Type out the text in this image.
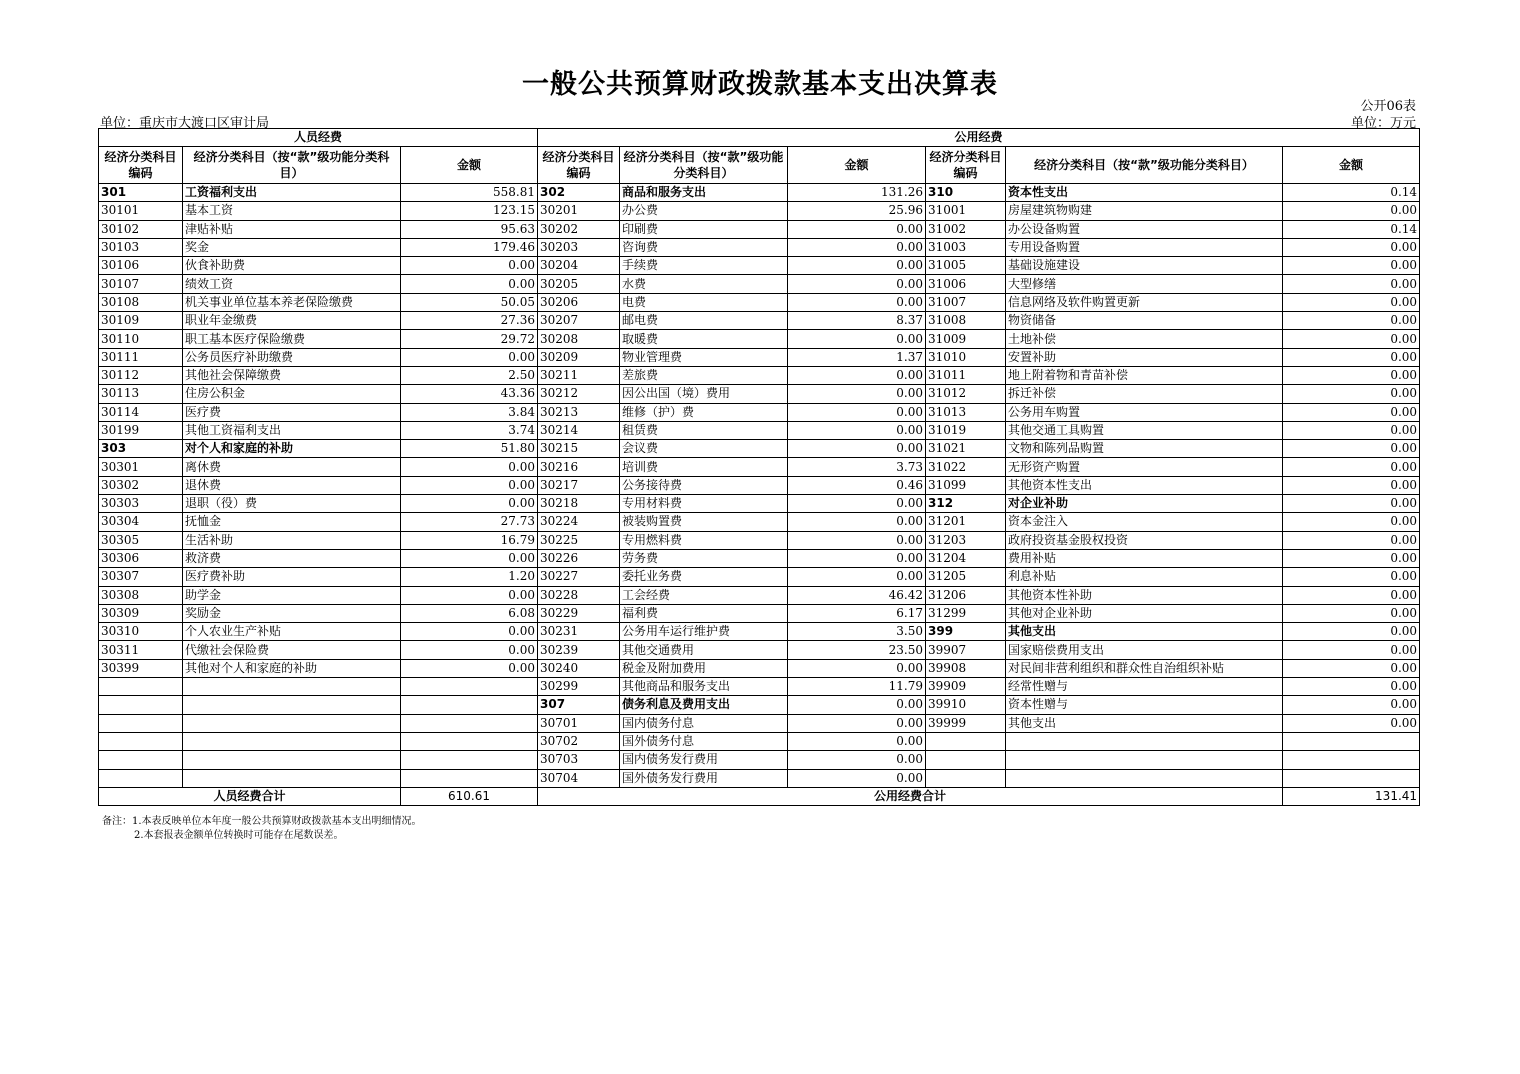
一般公共预算财政拨款基本支出决算表
公开06表
单位：重庆市大渡口区审计局	单位：万元
人员经费			公用经费					
经济分类科目编码	经济分类科目（按“款”级功能分类科目）	金额	经济分类科目编码	经济分类科目（按“款”级功能分类科目）	金额	经济分类科目编码	经济分类科目（按“款”级功能分类科目）	金额
301	工资福利支出	558.81	302	商品和服务支出	131.26	310	资本性支出	0.14
30101	基本工资	123.15	30201	办公费	25.96	31001	房屋建筑物购建	0.00
30102	津贴补贴	95.63	30202	印刷费	0.00	31002	办公设备购置	0.14
30103	奖金	179.46	30203	咨询费	0.00	31003	专用设备购置	0.00
30106	伙食补助费	0.00	30204	手续费	0.00	31005	基础设施建设	0.00
30107	绩效工资	0.00	30205	水费	0.00	31006	大型修缮	0.00
30108	机关事业单位基本养老保险缴费	50.05	30206	电费	0.00	31007	信息网络及软件购置更新	0.00
30109	职业年金缴费	27.36	30207	邮电费	8.37	31008	物资储备	0.00
30110	职工基本医疗保险缴费	29.72	30208	取暖费	0.00	31009	土地补偿	0.00
30111	公务员医疗补助缴费	0.00	30209	物业管理费	1.37	31010	安置补助	0.00
30112	其他社会保障缴费	2.50	30211	差旅费	0.00	31011	地上附着物和青苗补偿	0.00
30113	住房公积金	43.36	30212	因公出国（境）费用	0.00	31012	拆迁补偿	0.00
30114	医疗费	3.84	30213	维修（护）费	0.00	31013	公务用车购置	0.00
30199	其他工资福利支出	3.74	30214	租赁费	0.00	31019	其他交通工具购置	0.00
303	对个人和家庭的补助	51.80	30215	会议费	0.00	31021	文物和陈列品购置	0.00
30301	离休费	0.00	30216	培训费	3.73	31022	无形资产购置	0.00
30302	退休费	0.00	30217	公务接待费	0.46	31099	其他资本性支出	0.00
30303	退职（役）费	0.00	30218	专用材料费	0.00	312	对企业补助	0.00
30304	抚恤金	27.73	30224	被装购置费	0.00	31201	资本金注入	0.00
30305	生活补助	16.79	30225	专用燃料费	0.00	31203	政府投资基金股权投资	0.00
30306	救济费	0.00	30226	劳务费	0.00	31204	费用补贴	0.00
30307	医疗费补助	1.20	30227	委托业务费	0.00	31205	利息补贴	0.00
30308	助学金	0.00	30228	工会经费	46.42	31206	其他资本性补助	0.00
30309	奖励金	6.08	30229	福利费	6.17	31299	其他对企业补助	0.00
30310	个人农业生产补贴	0.00	30231	公务用车运行维护费	3.50	399	其他支出	0.00
30311	代缴社会保险费	0.00	30239	其他交通费用	23.50	39907	国家赔偿费用支出	0.00
30399	其他对个人和家庭的补助	0.00	30240	税金及附加费用	0.00	39908	对民间非营利组织和群众性自治组织补贴	0.00
			30299	其他商品和服务支出	11.79	39909	经常性赠与	0.00
			307	债务利息及费用支出	0.00	39910	资本性赠与	0.00
			30701	国内债务付息	0.00	39999	其他支出	0.00
			30702	国外债务付息	0.00			
			30703	国内债务发行费用	0.00			
			30704	国外债务发行费用	0.00			
人员经费合计		610.61	公用经费合计					131.41
备注：1.本表反映单位本年度一般公共预算财政拨款基本支出明细情况。
2.本套报表金额单位转换时可能存在尾数误差。
